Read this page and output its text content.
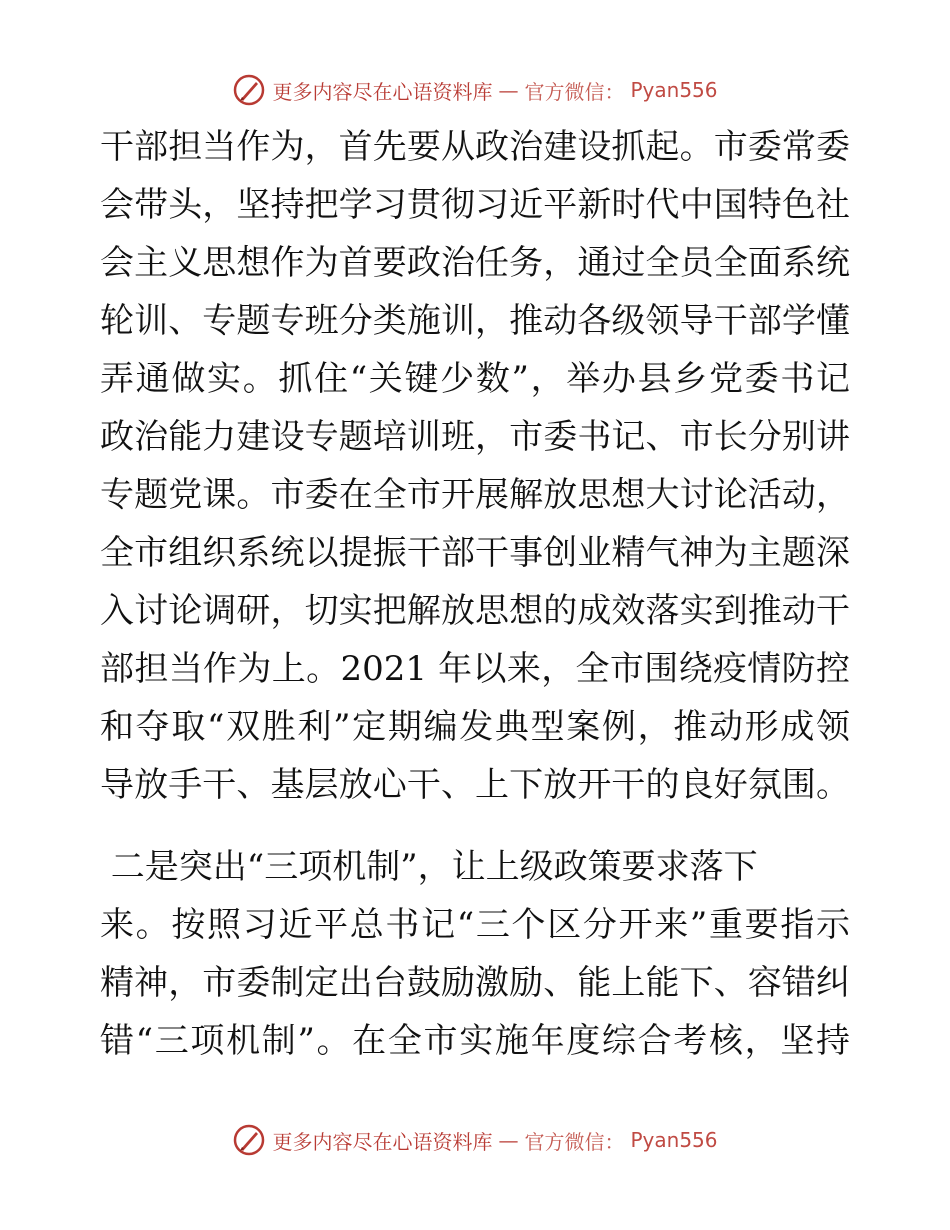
更多内容尽在心语资料库 — 官方微信： Pyan556
干部担当作为，首先要从政治建设抓起。市委常委
会带头，坚持把学习贯彻习近平新时代中国特色社
会主义思想作为首要政治任务，通过全员全面系统
轮训、专题专班分类施训，推动各级领导干部学懂
弄通做实。抓住“关键少数”，举办县乡党委书记
政治能力建设专题培训班，市委书记、市长分别讲
专题党课。市委在全市开展解放思想大讨论活动，
全市组织系统以提振干部干事创业精气神为主题深
入讨论调研，切实把解放思想的成效落实到推动干
部担当作为上。2021 年以来，全市围绕疫情防控
和夺取“双胜利”定期编发典型案例，推动形成领
导放手干、基层放心干、上下放开干的良好氛围。
二是突出“三项机制”，让上级政策要求落下
来。按照习近平总书记“三个区分开来”重要指示
精神，市委制定出台鼓励激励、能上能下、容错纠
错“三项机制”。在全市实施年度综合考核，坚持
更多内容尽在心语资料库 — 官方微信： Pyan556
